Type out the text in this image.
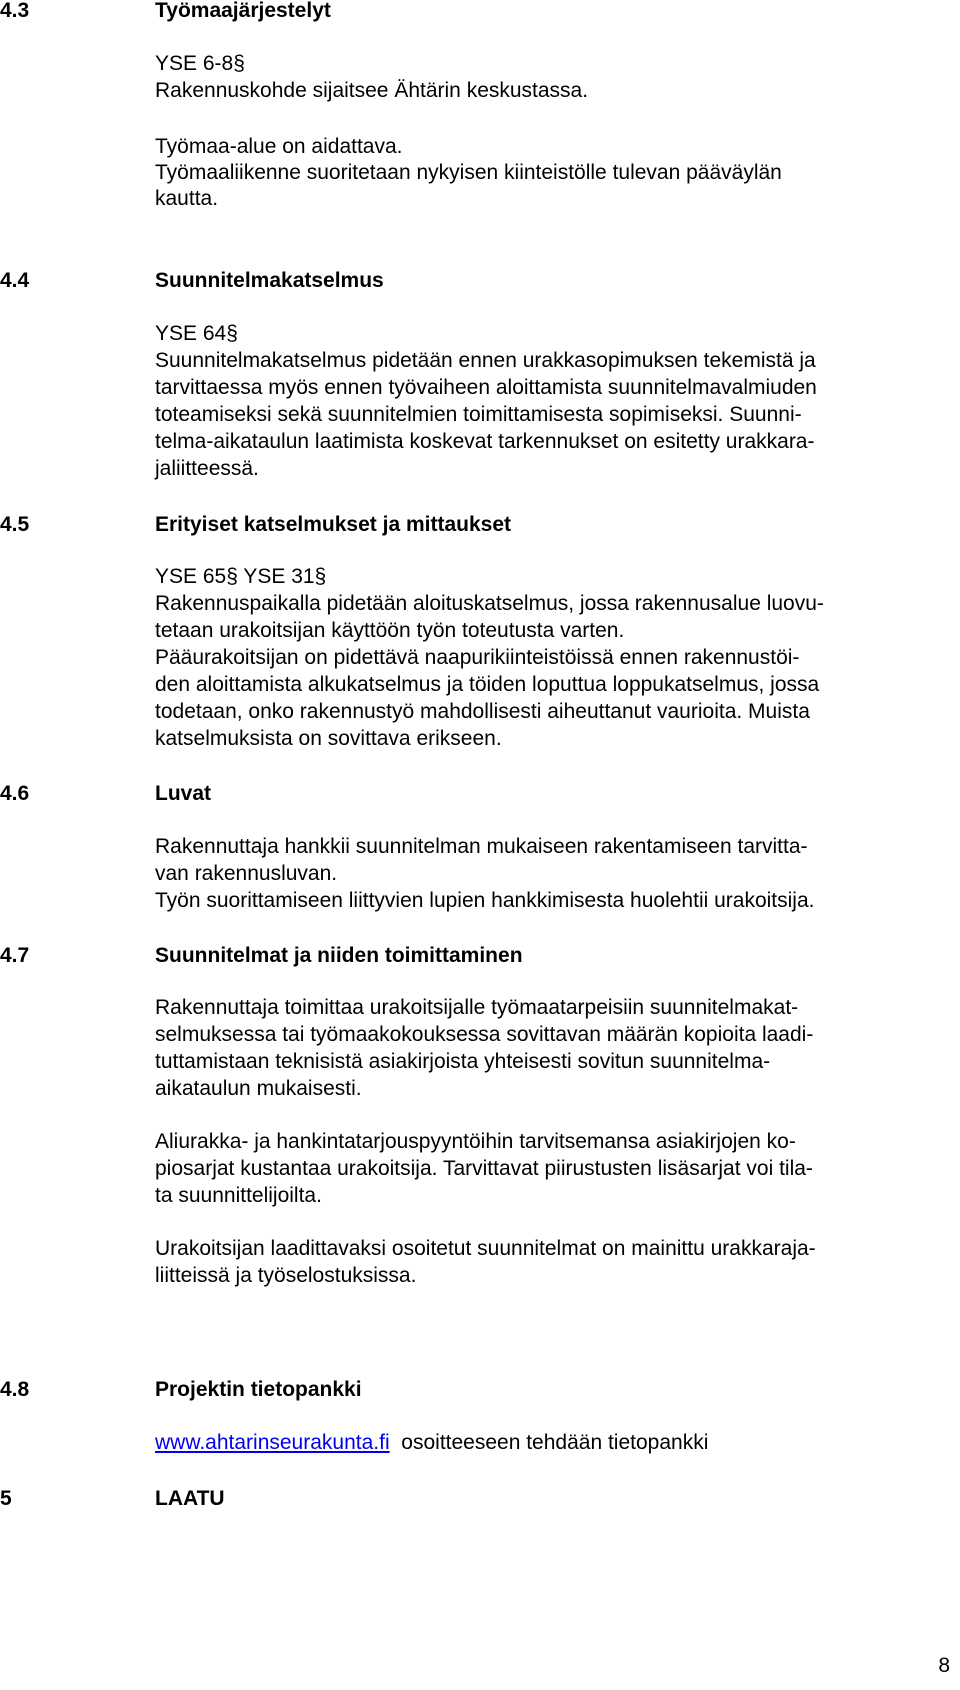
4.3	Työmaajärjestelyt
YSE 6-8§
Rakennuskohde sijaitsee Ähtärin keskustassa.
Työmaa-alue on aidattava.
Työmaaliikenne suoritetaan nykyisen kiinteistölle tulevan pääväylän
kautta.
4.4	Suunnitelmakatselmus
YSE 64§
Suunnitelmakatselmus pidetään ennen urakkasopimuksen tekemistä ja
tarvittaessa myös ennen työvaiheen aloittamista suunnitelmavalmiuden
toteamiseksi sekä suunnitelmien toimittamisesta sopimiseksi. Suunni-
telma-aikataulun laatimista koskevat tarkennukset on esitetty urakkara-
jaliitteessä.
4.5	Erityiset katselmukset ja mittaukset
YSE 65§ YSE 31§
Rakennuspaikalla pidetään aloituskatselmus, jossa rakennusalue luovu-
tetaan urakoitsijan käyttöön työn toteutusta varten.
Pääurakoitsijan on pidettävä naapurikiinteistöissä ennen rakennustöi-
den aloittamista alkukatselmus ja töiden loputtua loppukatselmus, jossa
todetaan, onko rakennustyö mahdollisesti aiheuttanut vaurioita. Muista
katselmuksista on sovittava erikseen.
4.6	Luvat
Rakennuttaja hankkii suunnitelman mukaiseen rakentamiseen tarvitta-
van rakennusluvan.
Työn suorittamiseen liittyvien lupien hankkimisesta huolehtii urakoitsija.
4.7	Suunnitelmat ja niiden toimittaminen
Rakennuttaja toimittaa urakoitsijalle työmaatarpeisiin suunnitelmakat-
selmuksessa tai työmaakokouksessa sovittavan määrän kopioita laadi-
tuttamistaan teknisistä asiakirjoista yhteisesti sovitun suunnitelma-
aikataulun mukaisesti.
Aliurakka- ja hankintatarjouspyyntöihin tarvitsemansa asiakirjojen ko-
piosarjat kustantaa urakoitsija. Tarvittavat piirustusten lisäsarjat voi tila-
ta suunnittelijoilta.
Urakoitsijan laadittavaksi osoitetut suunnitelmat on mainittu urakkaraja-
liitteissä ja työselostuksissa.
4.8	Projektin tietopankki
www.ahtarinseurakunta.fi osoitteeseen tehdään tietopankki
5	LAATU
8
